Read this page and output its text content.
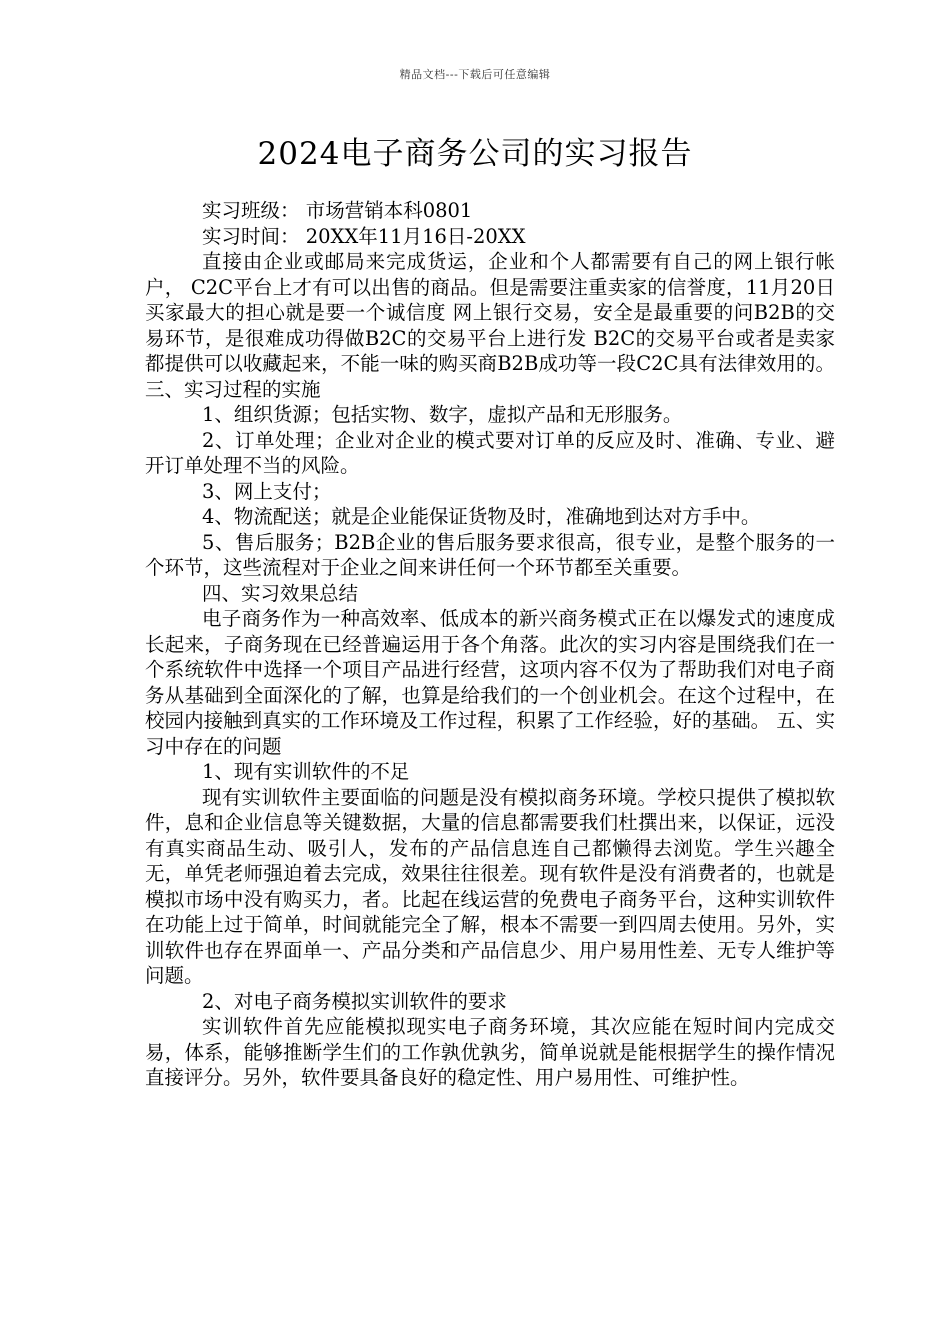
精品文档---下载后可任意编辑
2024电子商务公司的实习报告

实习班级： 市场营销本科0801

实习时间： 20XX年11月16日-20XX

直接由企业或邮局来完成货运，企业和个人都需要有自己的网上银行帐户， C2C平台上才有可以出售的商品。但是需要注重卖家的信誉度，11月20日 买家最大的担心就是要一个诚信度 网上银行交易，安全是最重要的问B2B的交易环节，是很难成功得做B2C的交易平台上进行发 B2C的交易平台或者是卖家都提供可以收藏起来，不能一味的购买商B2B成功等一段C2C具有法律效用的。 三、实习过程的实施

1、组织货源；包括实物、数字，虚拟产品和无形服务。

2、订单处理；企业对企业的模式要对订单的反应及时、准确、专业、避开订单处理不当的风险。

3、网上支付；

4、物流配送；就是企业能保证货物及时，准确地到达对方手中。

5、售后服务；B2B企业的售后服务要求很高，很专业，是整个服务的一个环节，这些流程对于企业之间来讲任何一个环节都至关重要。

四、实习效果总结

电子商务作为一种高效率、低成本的新兴商务模式正在以爆发式的速度成长起来，子商务现在已经普遍运用于各个角落。此次的实习内容是围绕我们在一个系统软件中选择一个项目产品进行经营，这项内容不仅为了帮助我们对电子商务从基础到全面深化的了解，也算是给我们的一个创业机会。在这个过程中，在校园内接触到真实的工作环境及工作过程，积累了工作经验，好的基础。 五、实习中存在的问题

1、现有实训软件的不足

现有实训软件主要面临的问题是没有模拟商务环境。学校只提供了模拟软件，息和企业信息等关键数据，大量的信息都需要我们杜撰出来，以保证，远没有真实商品生动、吸引人，发布的产品信息连自己都懒得去浏览。学生兴趣全无，单凭老师强迫着去完成，效果往往很差。现有软件是没有消费者的，也就是模拟市场中没有购买力，者。比起在线运营的免费电子商务平台，这种实训软件在功能上过于简单，时间就能完全了解，根本不需要一到四周去使用。另外，实训软件也存在界面单一、产品分类和产品信息少、用户易用性差、无专人维护等问题。

2、对电子商务模拟实训软件的要求

实训软件首先应能模拟现实电子商务环境，其次应能在短时间内完成交易，体系，能够推断学生们的工作孰优孰劣，简单说就是能根据学生的操作情况直接评分。另外，软件要具备良好的稳定性、用户易用性、可维护性。
